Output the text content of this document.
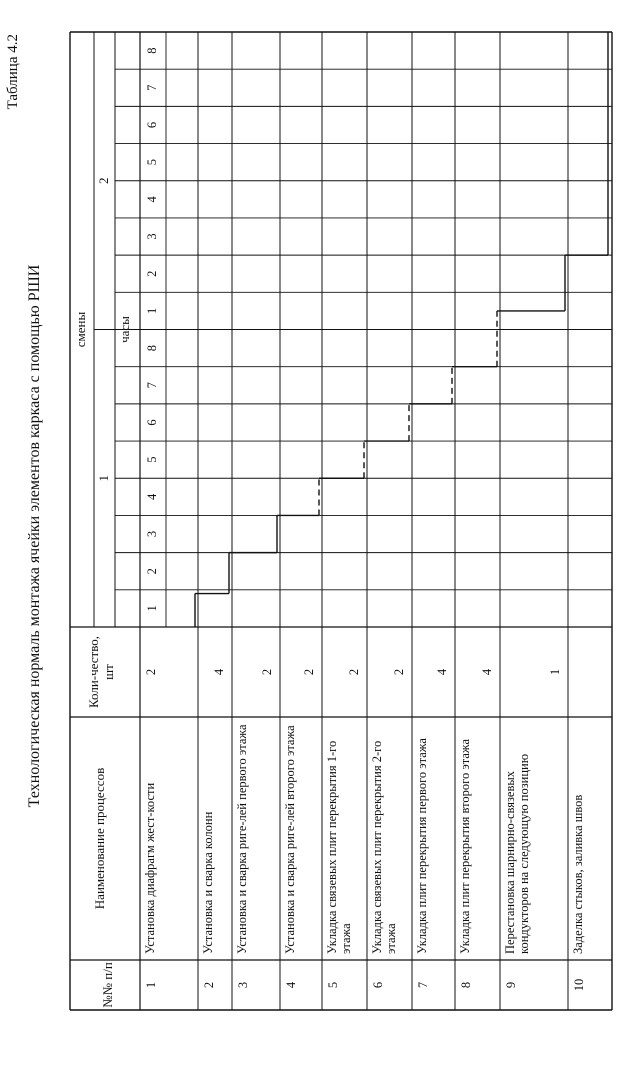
Таблица 4.2
Технологическая нормаль монтажа ячейки элементов каркаса с помощью РШИ
№№ п/п
Наименование процессов
Коли-чество, шт
смены
1
2
часы
1
2
3
4
5
6
7
8
1
2
3
4
5
6
7
8
1
Установка диафрагм жест-кости
2
2
Установка и сварка колонн
4
3
Установка и сварка риге-лей первого этажа
2
4
Установка и сварка риге-лей второго этажа
2
5
Укладка связевых плит перекрытия 1-го этажа
2
6
Укладка связевых плит перекрытия 2-го этажа
2
7
Укладка плит перекрытия первого этажа
4
8
Укладка плит перекрытия второго этажа
4
9
Перестановка шарнирно-связевых кондукторов на следующую позицию
1
10
Заделка стыков, заливка швов
